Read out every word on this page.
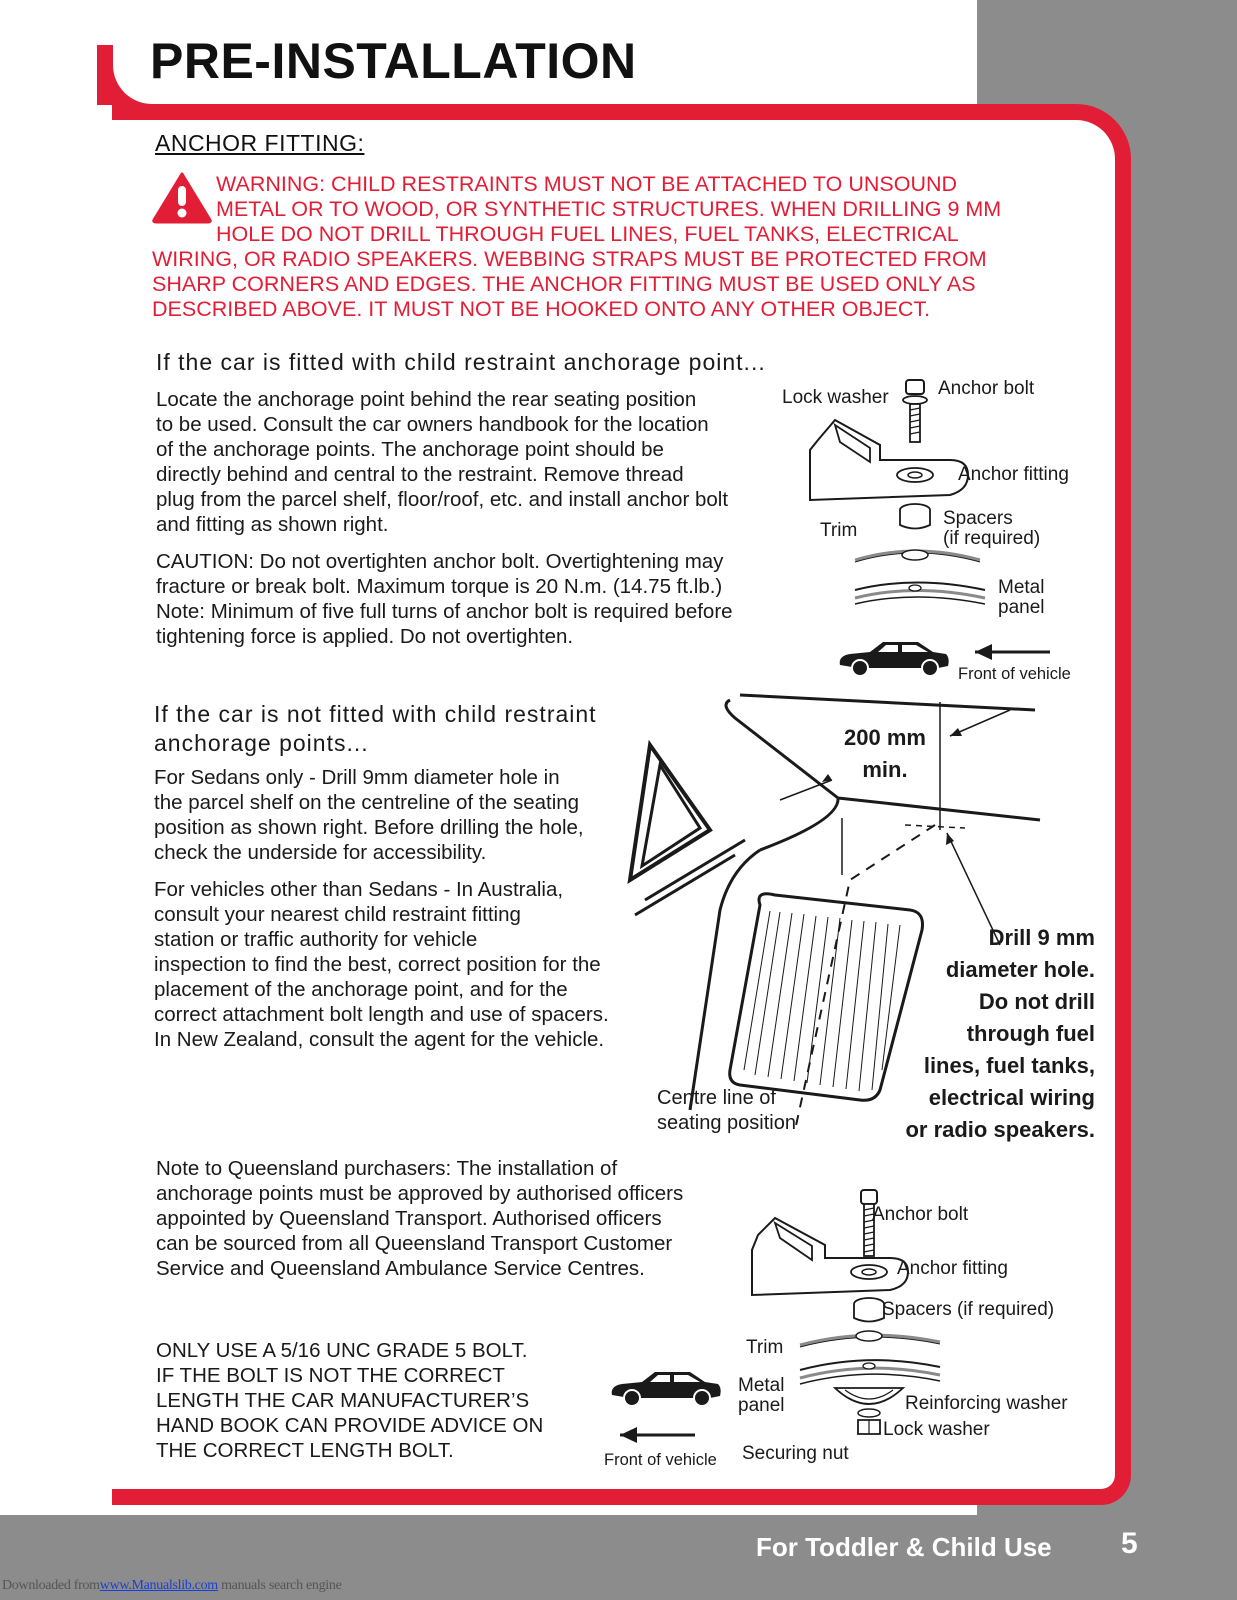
PRE-INSTALLATION
ANCHOR FITTING:
WARNING: CHILD RESTRAINTS MUST NOT BE ATTACHED TO UNSOUND
METAL OR TO WOOD, OR SYNTHETIC STRUCTURES. WHEN DRILLING 9 MM
HOLE DO NOT DRILL THROUGH FUEL LINES, FUEL TANKS, ELECTRICAL
WIRING, OR RADIO SPEAKERS. WEBBING STRAPS MUST BE PROTECTED FROM
SHARP CORNERS AND EDGES. THE ANCHOR FITTING MUST BE USED ONLY AS
DESCRIBED ABOVE. IT MUST NOT BE HOOKED ONTO ANY OTHER OBJECT.
If the car is fitted with child restraint anchorage point...
Locate the anchorage point behind the rear seating position
to be used. Consult the car owners handbook for the location
of the anchorage points. The anchorage point should be
directly behind and central to the restraint. Remove thread
plug from the parcel shelf, floor/roof, etc. and install anchor bolt
and fitting as shown right.
CAUTION: Do not overtighten anchor bolt. Overtightening may
fracture or break bolt. Maximum torque is 20 N.m. (14.75 ft.lb.)
Note: Minimum of five full turns of anchor bolt is required before
tightening force is applied. Do not overtighten.
Lock washer	Anchor bolt
Anchor fitting
Trim
Spacers
(if required)
Metal
panel
Front of vehicle
If the car is not fitted with child restraint
anchorage points...
For Sedans only - Drill 9mm diameter hole in
the parcel shelf on the centreline of the seating
position as shown right. Before drilling the hole,
check the underside for accessibility.
For vehicles other than Sedans - In Australia,
consult your nearest child restraint fitting
station or traffic authority for vehicle
inspection to find the best, correct position for the
placement of the anchorage point, and for the
correct attachment bolt length and use of spacers.
In New Zealand, consult the agent for the vehicle.
200 mm
min.
Drill 9 mm
diameter hole.
Do not drill
through fuel
lines, fuel tanks,
electrical wiring
or radio speakers.
Centre line of
seating position
Note to Queensland purchasers: The installation of
anchorage points must be approved by authorised officers
appointed by Queensland Transport. Authorised officers
can be sourced from all Queensland Transport Customer
Service and Queensland Ambulance Service Centres.
ONLY USE A 5/16 UNC GRADE 5 BOLT.
IF THE BOLT IS NOT THE CORRECT
LENGTH THE CAR MANUFACTURER’S
HAND BOOK CAN PROVIDE ADVICE ON
THE CORRECT LENGTH BOLT.	Front of vehicle
Anchor bolt
Anchor fitting
Spacers (if required)
Trim
Metal
panel	Reinforcing washer
Lock washer
Securing nut
For Toddler & Child Use 5
Downloaded fromwww.Manualslib.com manuals search engine
